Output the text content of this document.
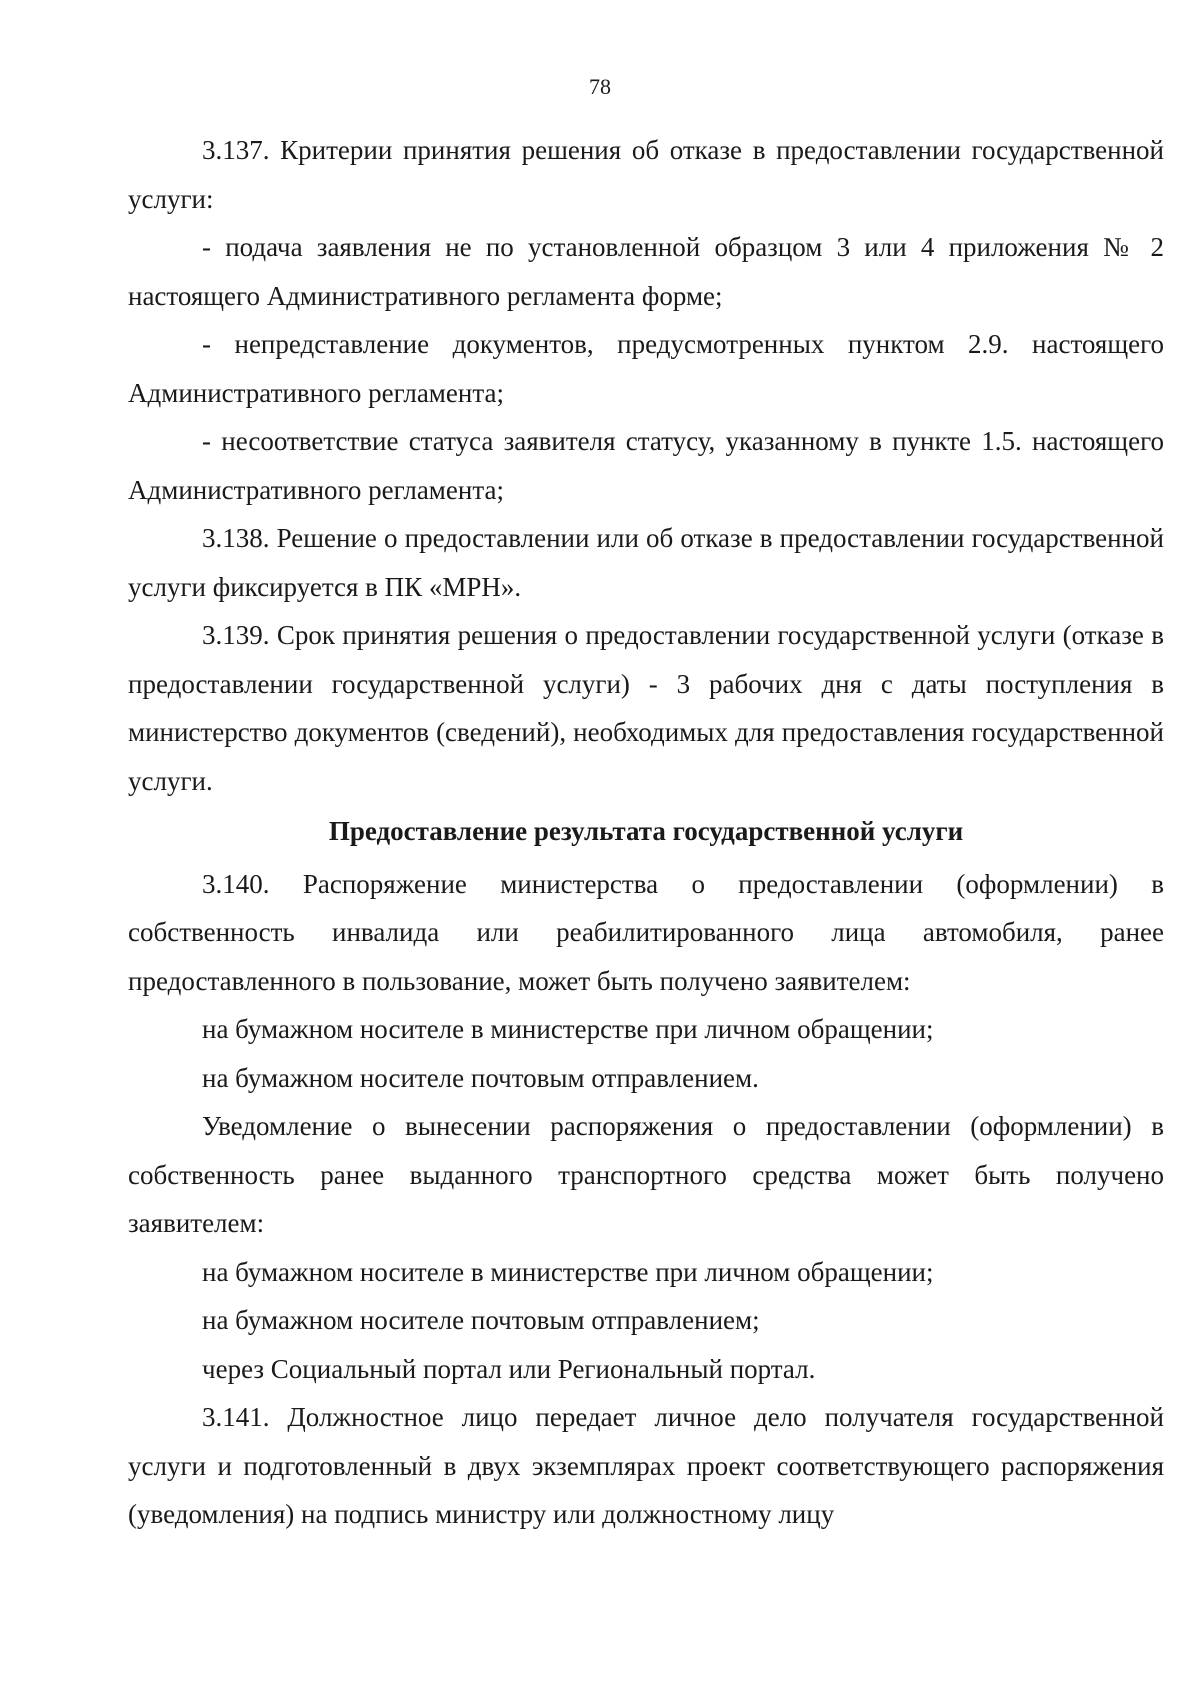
78

3.137. Критерии принятия решения об отказе в предоставлении государственной услуги:

- подача заявления не по установленной образцом 3 или 4 приложения № 2 настоящего Административного регламента форме;

- непредставление документов, предусмотренных пунктом 2.9. настоящего Административного регламента;

- несоответствие статуса заявителя статусу, указанному в пункте 1.5. настоящего Административного регламента;

3.138. Решение о предоставлении или об отказе в предоставлении государственной услуги фиксируется в ПК «МРН».

3.139. Срок принятия решения о предоставлении государственной услуги (отказе в предоставлении государственной услуги) - 3 рабочих дня с даты поступления в министерство документов (сведений), необходимых для предоставления государственной услуги.

Предоставление результата государственной услуги

3.140. Распоряжение министерства о предоставлении (оформлении) в собственность инвалида или реабилитированного лица автомобиля, ранее предоставленного в пользование, может быть получено заявителем:

на бумажном носителе в министерстве при личном обращении;

на бумажном носителе почтовым отправлением.

Уведомление о вынесении распоряжения о предоставлении (оформлении) в собственность ранее выданного транспортного средства может быть получено заявителем:

на бумажном носителе в министерстве при личном обращении;

на бумажном носителе почтовым отправлением;

через Социальный портал или Региональный портал.

3.141. Должностное лицо передает личное дело получателя государственной услуги и подготовленный в двух экземплярах проект соответствующего распоряжения (уведомления) на подпись министру или должностному лицу
